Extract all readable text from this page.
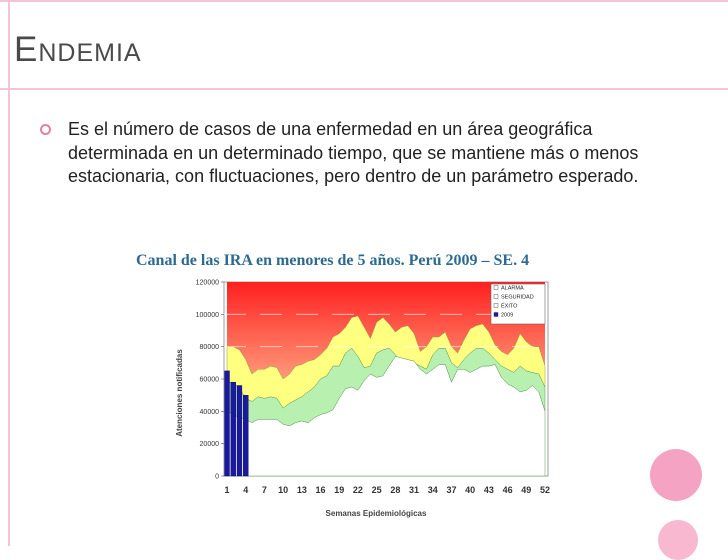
Endemia

Es el número de casos de una enfermedad en un área geográfica determinada en un determinado tiempo, que se mantiene más o menos estacionaria, con fluctuaciones, pero dentro de un parámetro esperado.

Canal de las IRA en menores de 5 años. Perú 2009 – SE. 4

0
20000
40000
60000
80000
100000
120000
1 4 7 10 13 16 19 22 25 28 31 34 37 40 43 46 49 52
Semanas Epidemiológicas
Atenciones notificadas
ALARMA
SEGURIDAD
ÉXITO
2009
